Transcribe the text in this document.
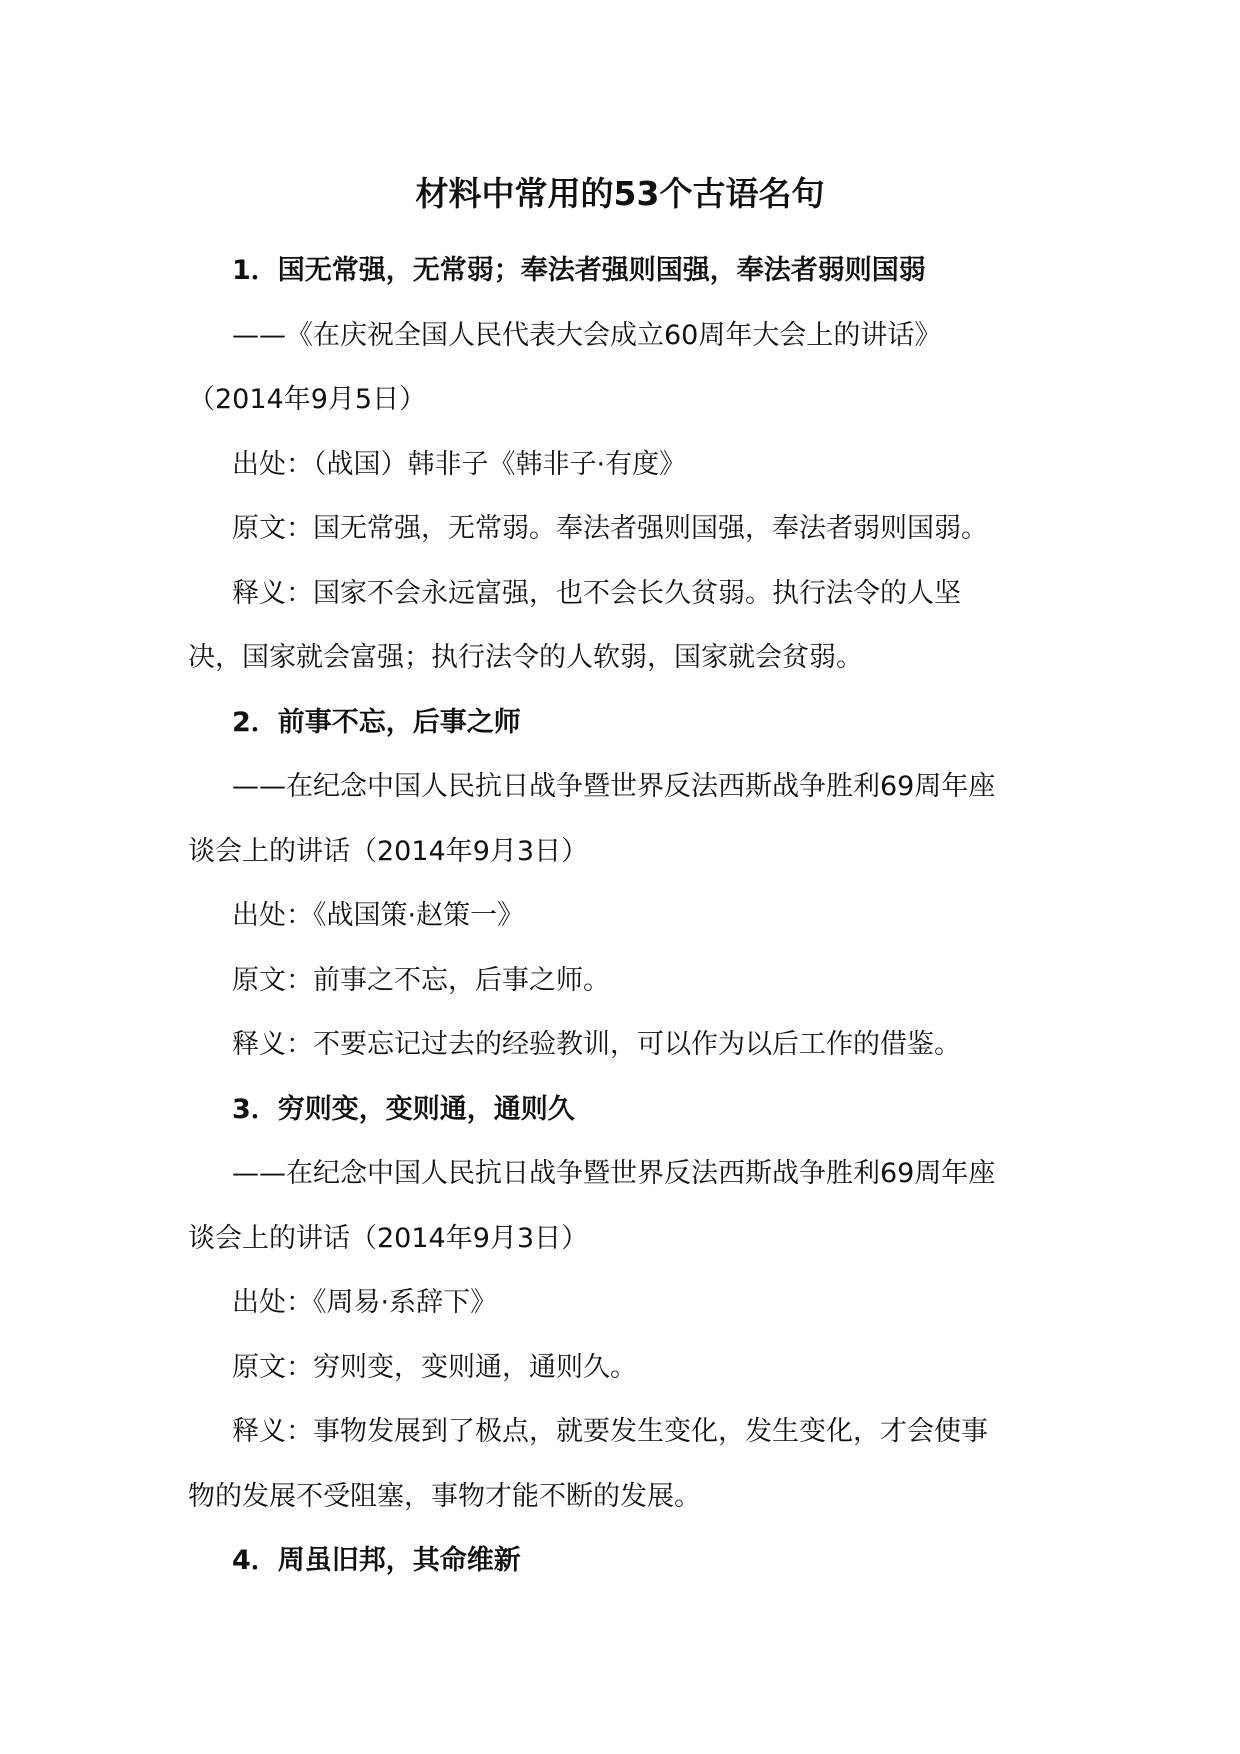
材料中常用的53个古语名句
1．国无常强，无常弱；奉法者强则国强，奉法者弱则国弱
——《在庆祝全国人民代表大会成立60周年大会上的讲话》
（2014年9月5日）
出处：（战国）韩非子《韩非子·有度》
原文：国无常强，无常弱。奉法者强则国强，奉法者弱则国弱。
释义：国家不会永远富强，也不会长久贫弱。执行法令的人坚
决，国家就会富强；执行法令的人软弱，国家就会贫弱。
2．前事不忘，后事之师
——在纪念中国人民抗日战争暨世界反法西斯战争胜利69周年座
谈会上的讲话（2014年9月3日）
出处：《战国策·赵策一》
原文：前事之不忘，后事之师。
释义：不要忘记过去的经验教训，可以作为以后工作的借鉴。
3．穷则变，变则通，通则久
——在纪念中国人民抗日战争暨世界反法西斯战争胜利69周年座
谈会上的讲话（2014年9月3日）
出处：《周易·系辞下》
原文：穷则变，变则通，通则久。
释义：事物发展到了极点，就要发生变化，发生变化，才会使事
物的发展不受阻塞，事物才能不断的发展。
4．周虽旧邦，其命维新
